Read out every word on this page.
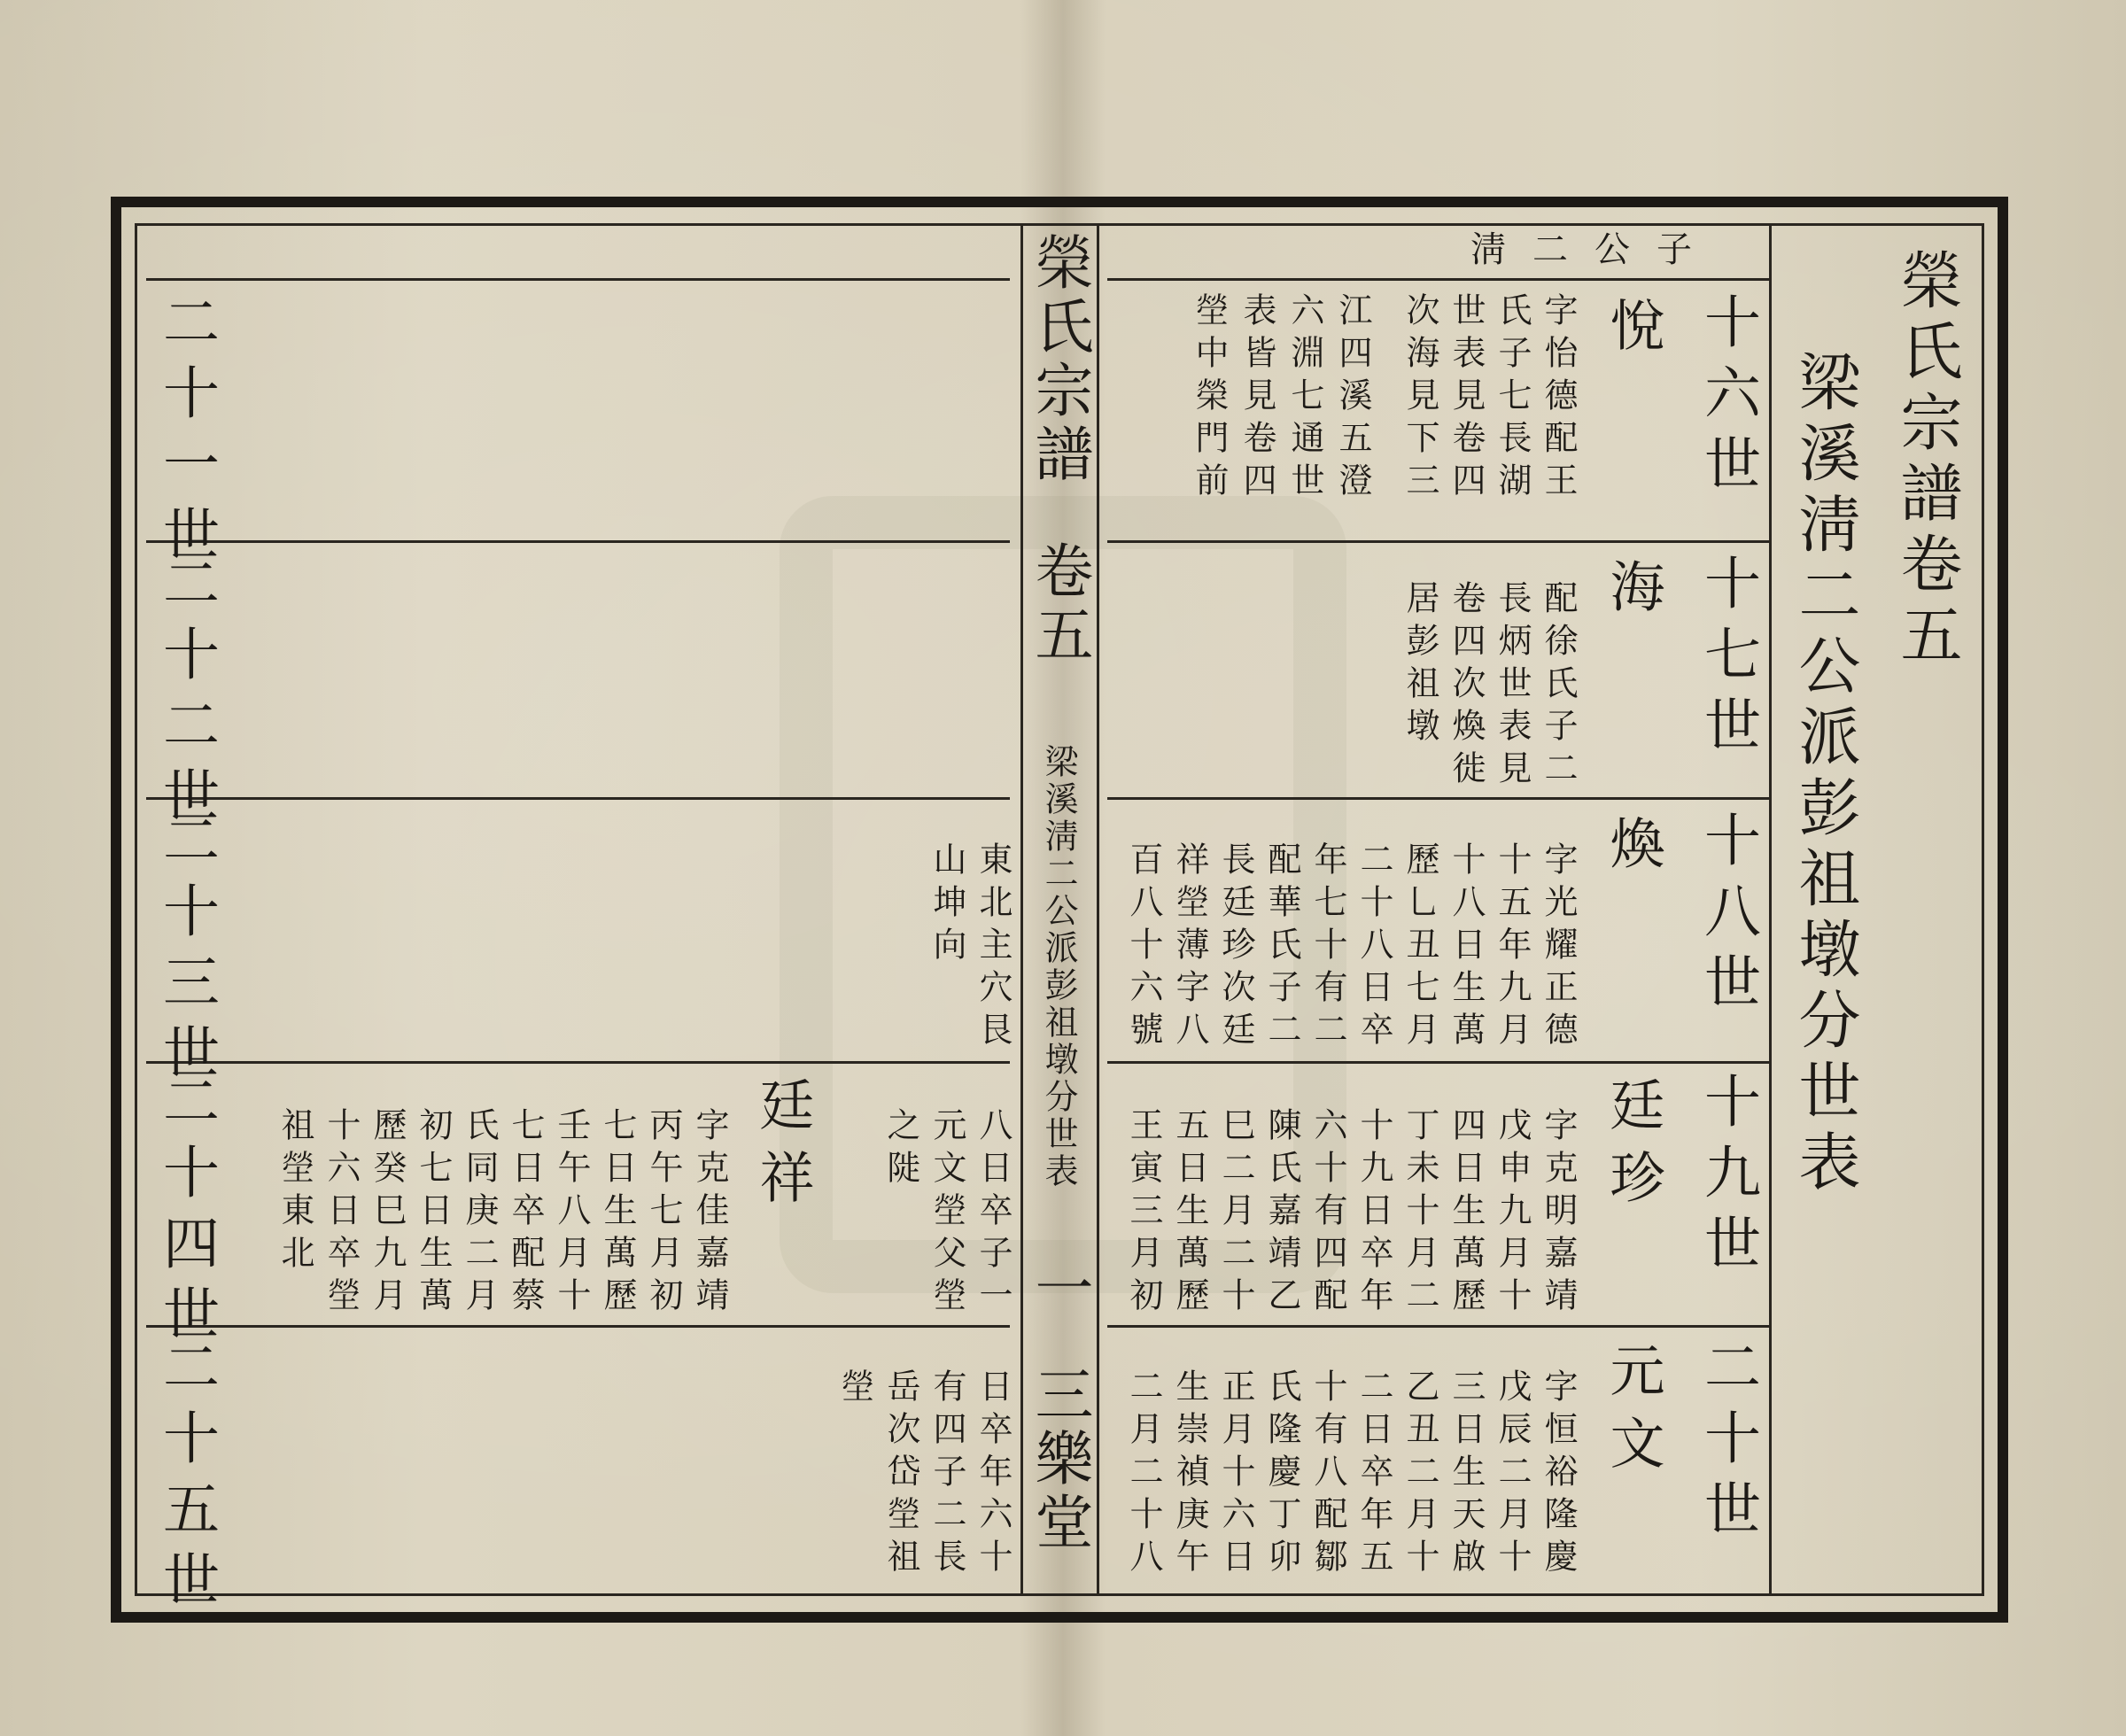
榮氏宗譜卷五
梁溪淸二公派彭祖墩分世表
淸二公子
十六世
悅
字怡德配王
氏子七長湖
世表見卷四
次海見下三
江四溪五澄
六淵七通世
表皆見卷四
塋中榮門前
十七世
海
配徐氏子二
長炳世表見
卷四次煥徙
居彭祖墩
十八世
煥
字光耀正德
十五年九月
十八日生萬
歷乚丑七月
二十八日卒
年七十有二
配華氏子二
長廷珍次廷
祥塋薄字八
百八十六號
十九世
廷珍
字克明嘉靖
戊申九月十
四日生萬歷
丁未十月二
十九日卒年
六十有四配
陳氏嘉靖乙
巳二月二十
五日生萬歷
王寅三月初
二十世
元文
字恒裕隆慶
戊辰二月十
三日生天啟
乙丑二月十
二日卒年五
十有八配鄒
氏隆慶丁卯
正月十六日
生崇禎庚午
二月二十八
榮氏宗譜
卷五
梁溪淸二公派彭祖墩分世表
一
三樂堂
二十一世
二十二世
二十三世
二十四世
二十五世
東北主穴艮
山坤向
八日卒子一
元文塋父塋
之𨺗
日卒年六十
有四子二長
岳次岱塋祖
塋
廷祥
字克佳嘉靖
丙午七月初
七日生萬歷
壬午八月十
七日卒配蔡
氏同庚二月
初七日生萬
歷癸巳九月
十六日卒塋
祖塋東北
